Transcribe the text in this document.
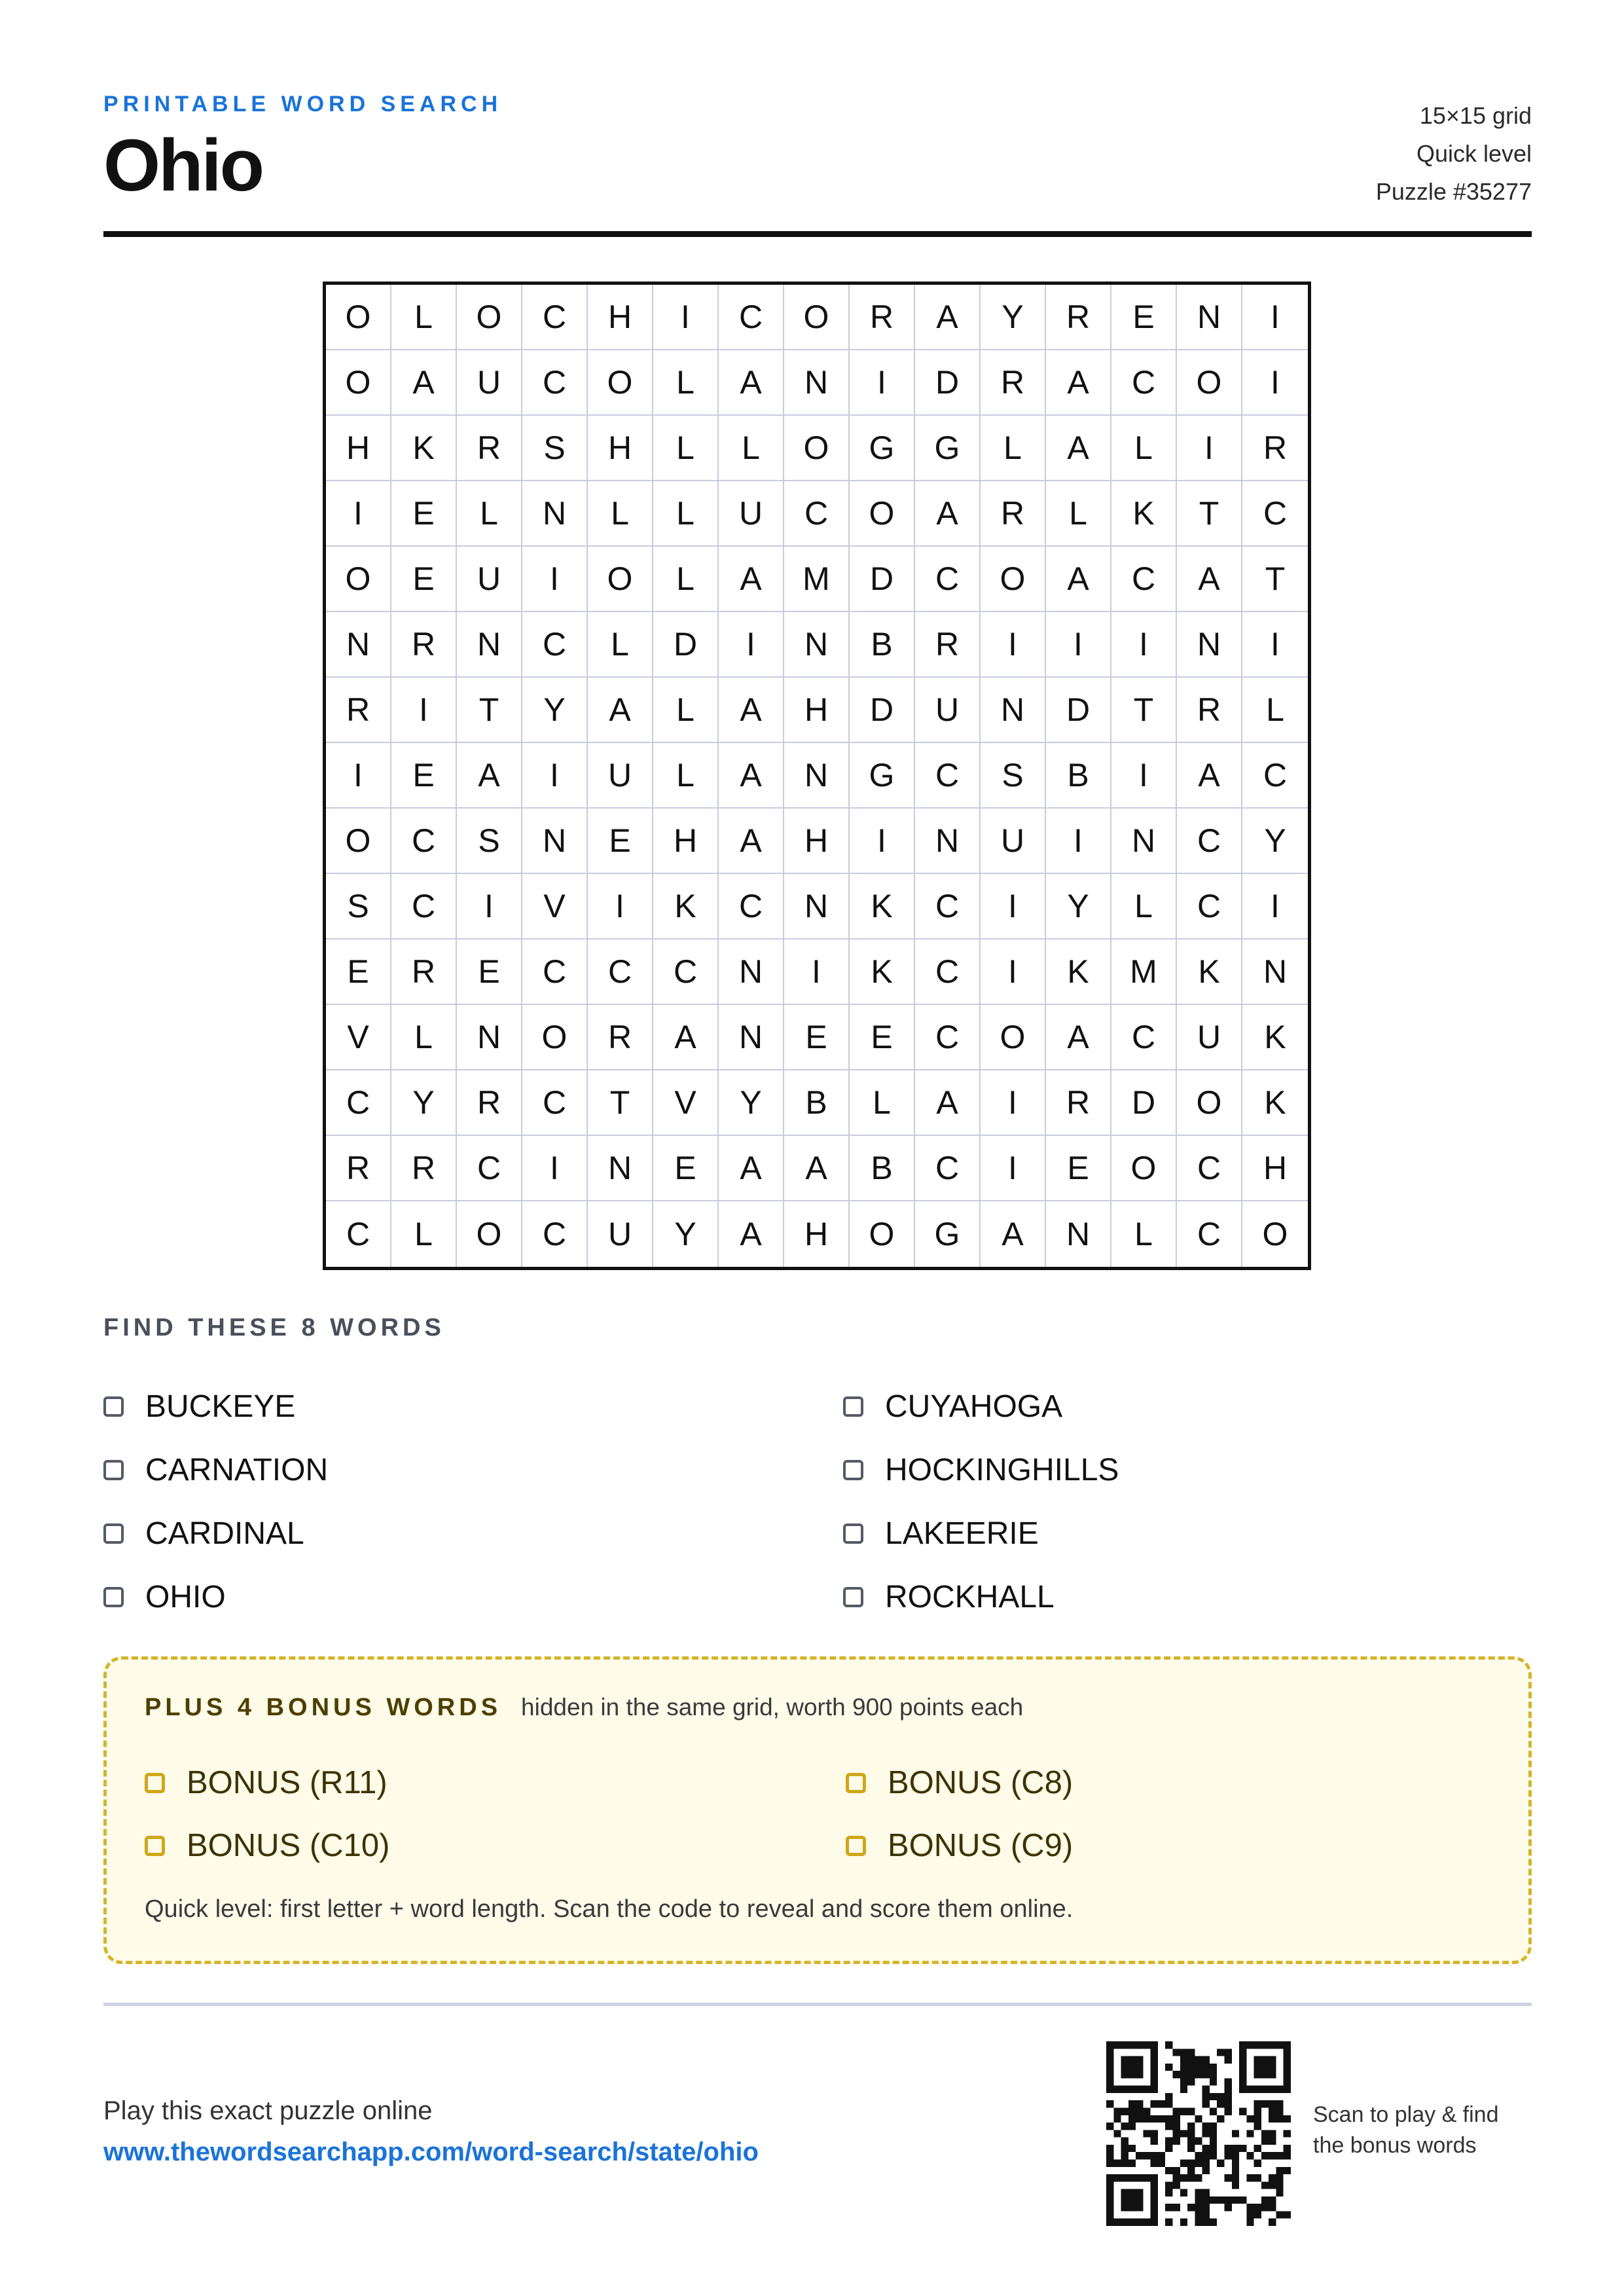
PRINTABLE WORD SEARCH
Ohio
15×15 grid
Quick level
Puzzle #35277
O	L	O	C	H	I	C	O	R	A	Y	R	E	N	I
O	A	U	C	O	L	A	N	I	D	R	A	C	O	I
H	K	R	S	H	L	L	O	G	G	L	A	L	I	R
I	E	L	N	L	L	U	C	O	A	R	L	K	T	C
O	E	U	I	O	L	A	M	D	C	O	A	C	A	T
N	R	N	C	L	D	I	N	B	R	I	I	I	N	I
R	I	T	Y	A	L	A	H	D	U	N	D	T	R	L
I	E	A	I	U	L	A	N	G	C	S	B	I	A	C
O	C	S	N	E	H	A	H	I	N	U	I	N	C	Y
S	C	I	V	I	K	C	N	K	C	I	Y	L	C	I
E	R	E	C	C	C	N	I	K	C	I	K	M	K	N
V	L	N	O	R	A	N	E	E	C	O	A	C	U	K
C	Y	R	C	T	V	Y	B	L	A	I	R	D	O	K
R	R	C	I	N	E	A	A	B	C	I	E	O	C	H
C	L	O	C	U	Y	A	H	O	G	A	N	L	C	O
FIND THESE 8 WORDS
BUCKEYE	CUYAHOGA
CARNATION	HOCKINGHILLS
CARDINAL	LAKEERIE
OHIO	ROCKHALL
PLUS 4 BONUS WORDS hidden in the same grid, worth 900 points each
BONUS (R11)	BONUS (C8)
BONUS (C10)	BONUS (C9)
Quick level: first letter + word length. Scan the code to reveal and score them online.
Play this exact puzzle online
www.thewordsearchapp.com/word-search/state/ohio
Scan to play & find
the bonus words
